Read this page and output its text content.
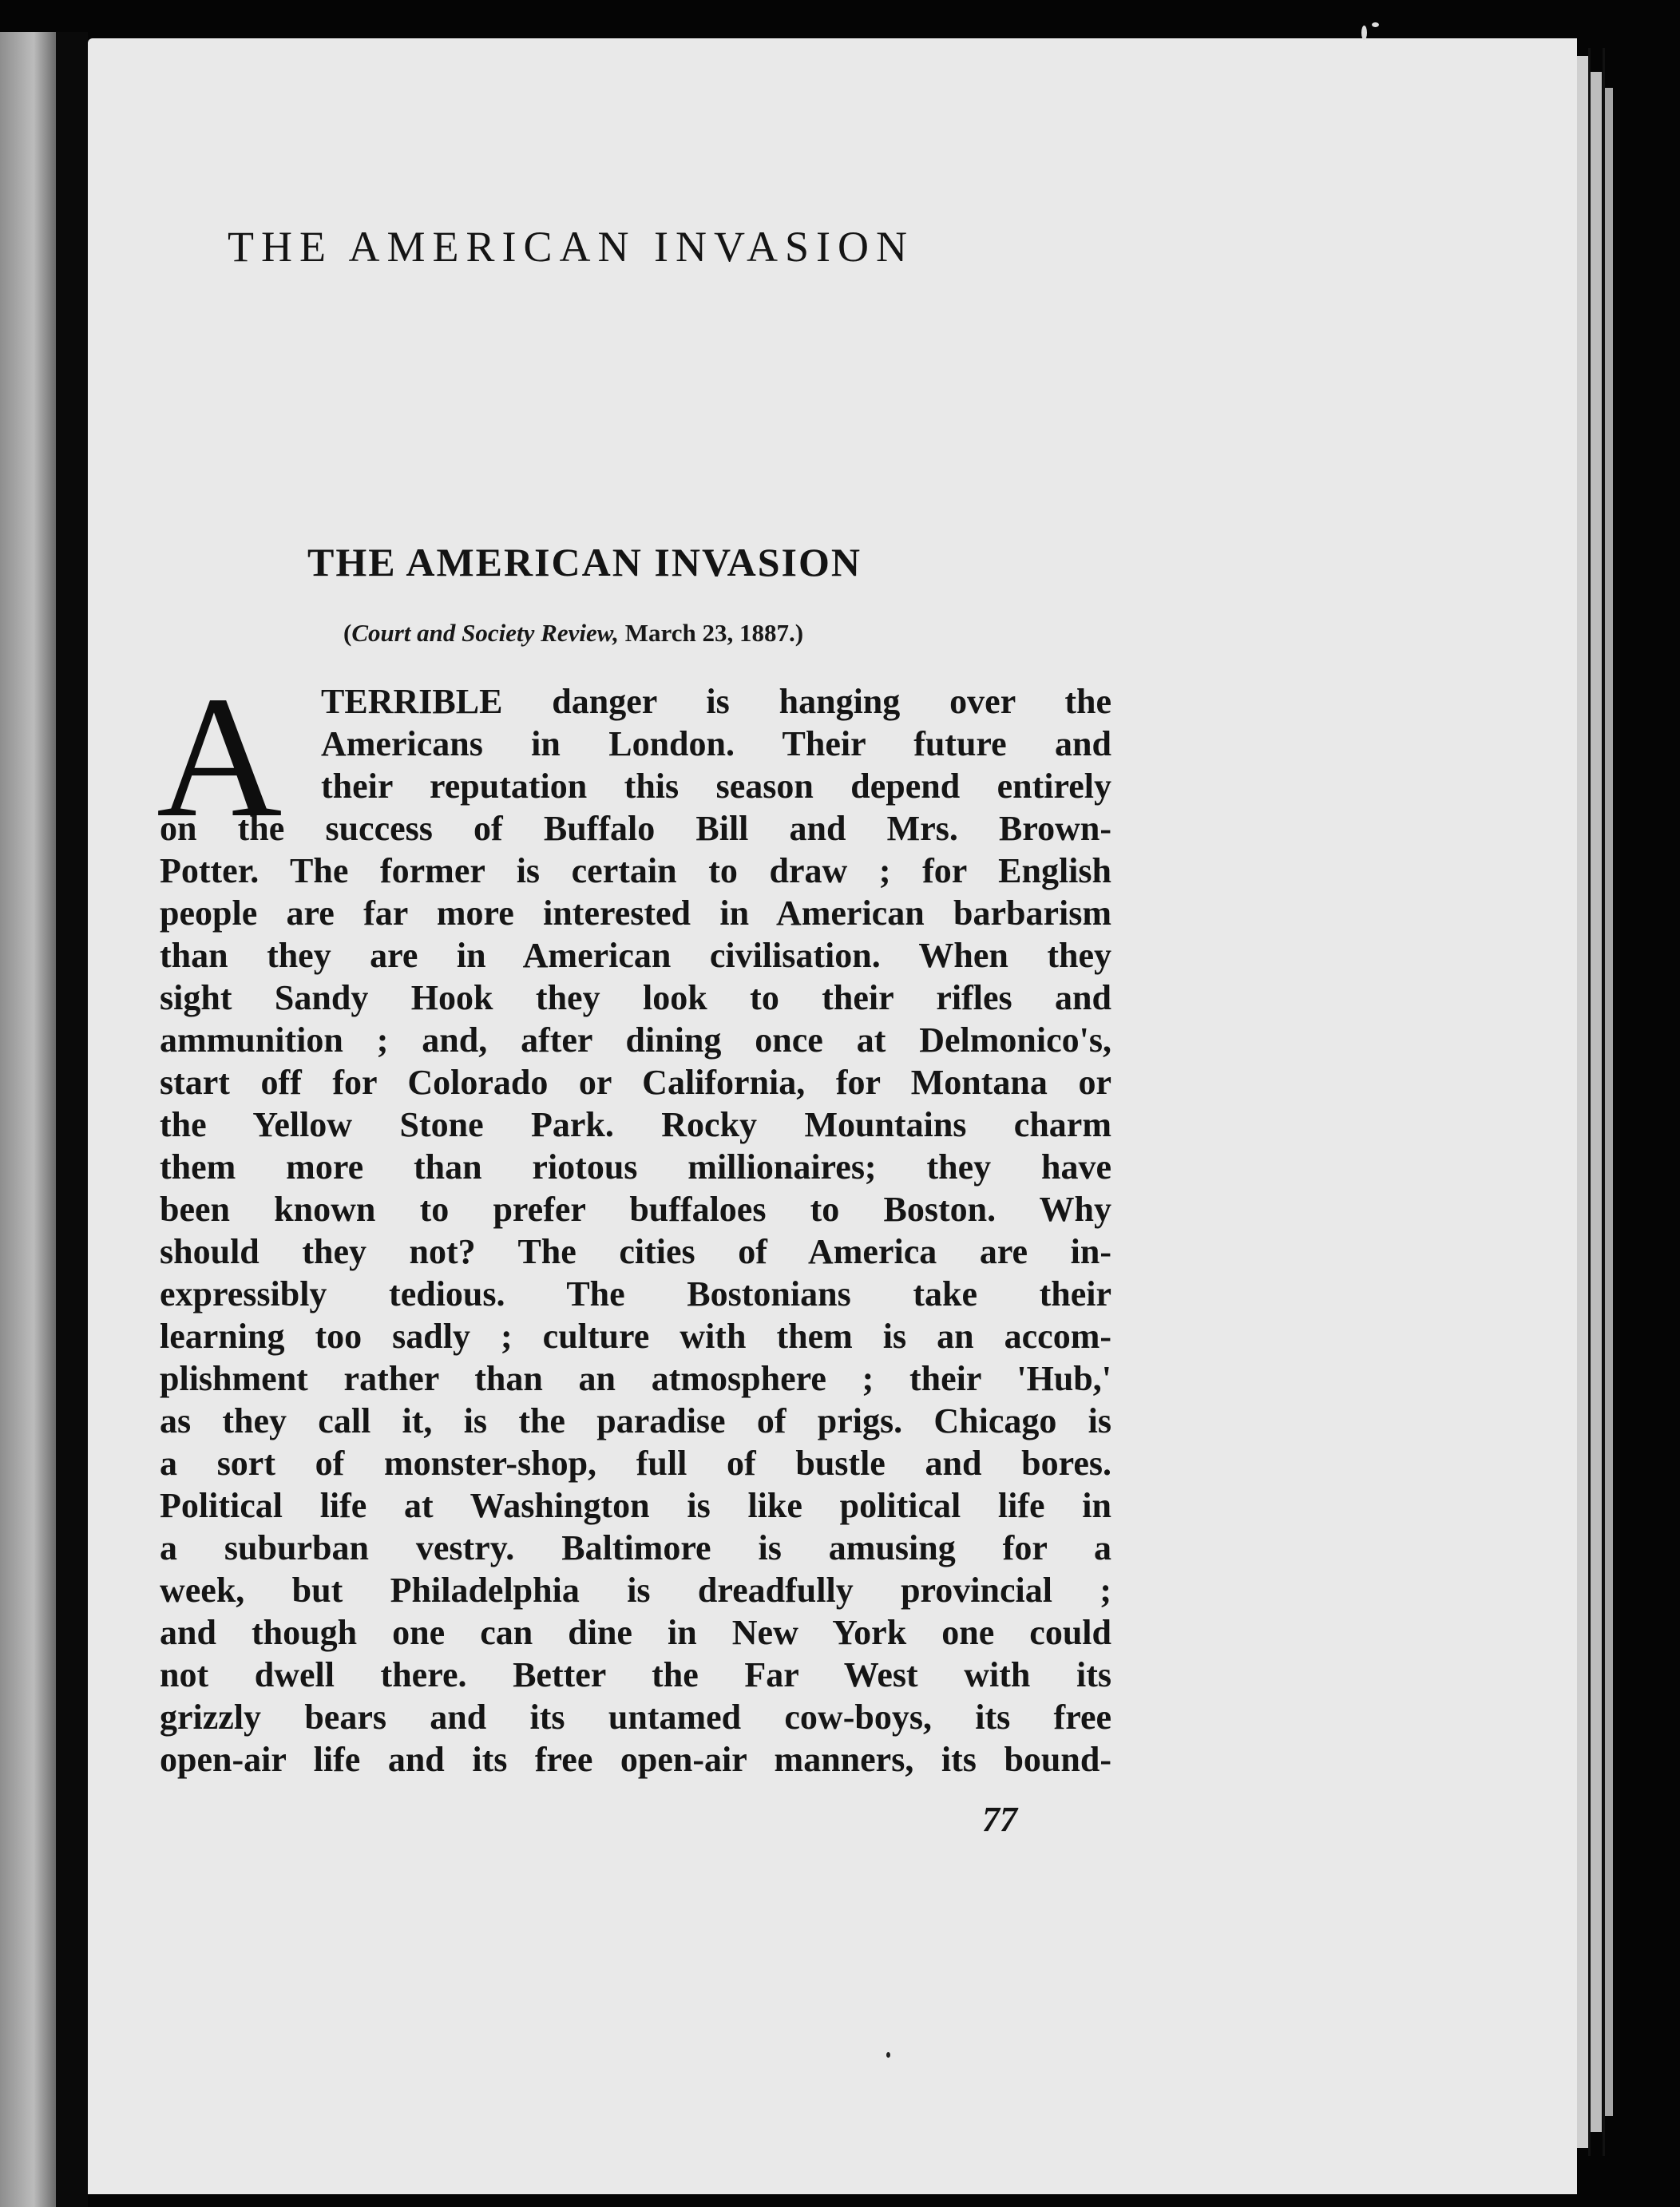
THE AMERICAN INVASION
THE AMERICAN INVASION
(Court and Society Review, March 23, 1887.)
A	TERRIBLE danger is hanging over the
Americans in London. Their future and
their reputation this season depend entirely
on the success of Buffalo Bill and Mrs. Brown-
Potter. The former is certain to draw ; for English
people are far more interested in American barbarism
than they are in American civilisation. When they
sight Sandy Hook they look to their rifles and
ammunition ; and, after dining once at Delmonico's,
start off for Colorado or California, for Montana or
the Yellow Stone Park. Rocky Mountains charm
them more than riotous millionaires; they have
been known to prefer buffaloes to Boston. Why
should they not? The cities of America are in-
expressibly tedious. The Bostonians take their
learning too sadly ; culture with them is an accom-
plishment rather than an atmosphere ; their 'Hub,'
as they call it, is the paradise of prigs. Chicago is
a sort of monster-shop, full of bustle and bores.
Political life at Washington is like political life in
a suburban vestry. Baltimore is amusing for a
week, but Philadelphia is dreadfully provincial ;
and though one can dine in New York one could
not dwell there. Better the Far West with its
grizzly bears and its untamed cow-boys, its free
open-air life and its free open-air manners, its bound-
77
